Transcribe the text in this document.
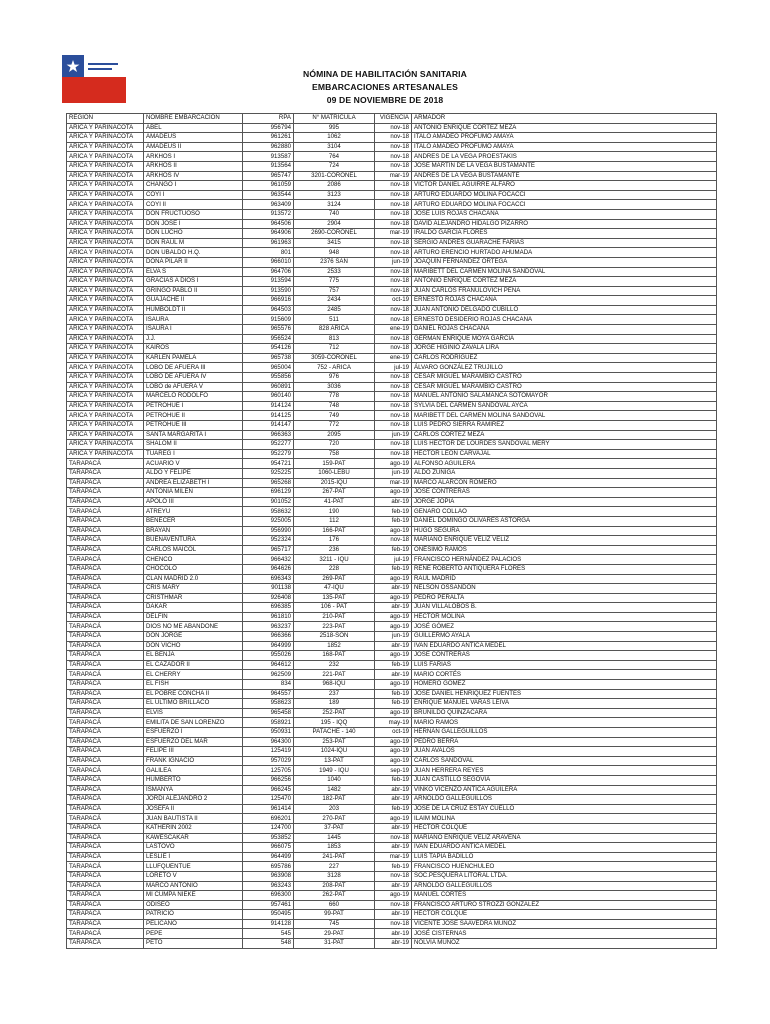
NÓMINA DE HABILITACIÓN SANITARIA
EMBARCACIONES ARTESANALES
09 DE NOVIEMBRE DE 2018
REGIÓN	NOMBRE EMBARCACIÓN	RPA	N° MATRÍCULA	VIGENCIA	ARMADOR
ARICA Y PARINACOTA	ABEL	956794	995	nov-18	ANTONIO ENRIQUE CÓRTEZ MEZA
ARICA Y PARINACOTA	AMADEUS	961261	1062	nov-18	ITALO AMADEO PROFUMO AMAYA
ARICA Y PARINACOTA	AMADEUS II	962880	3104	nov-18	ITALO AMADEO PROFUMO AMAYA
ARICA Y PARINACOTA	ARKHOS I	913587	764	nov-18	ANDRES DE LA VEGA PROESTAKIS
ARICA Y PARINACOTA	ARKHOS II	913564	724	nov-18	JOSE MARTIN DE LA VEGA BUSTAMANTE
ARICA Y PARINACOTA	ARKHOS IV	965747	3201-CORONEL	mar-19	ANDRES DE LA VEGA BUSTAMANTE
ARICA Y PARINACOTA	CHANGO I	961059	2086	nov-18	VICTOR DANIEL AGUIRRE ALFARO
ARICA Y PARINACOTA	COYI I	963544	3123	nov-18	ARTURO EDUARDO MOLINA FOCACCI
ARICA Y PARINACOTA	COYI II	963409	3124	nov-18	ARTURO EDUARDO MOLINA FOCACCI
ARICA Y PARINACOTA	DON FRUCTUOSO	913572	740	nov-18	JOSE LUIS ROJAS CHACANA
ARICA Y PARINACOTA	DON JOSE I	964506	2904	nov-18	DAVID ALEJANDRO HIDALGO PIZARRO
ARICA Y PARINACOTA	DON LUCHO	964906	2690-CORONEL	mar-19	IRALDO GARCIA FLORES
ARICA Y PARINACOTA	DON RAUL M	961963	3415	nov-18	SERGIO ANDRES GUARACHE FARIAS
ARICA Y PARINACOTA	DON UBALDO H.Q.	801	948	nov-18	ARTURO ERENCIO HURTADO AHUMADA
ARICA Y PARINACOTA	DOÑA PILAR II	966010	2376 SAN	jun-19	JOAQUÍN FERNÁNDEZ ORTEGA
ARICA Y PARINACOTA	ELVA S	964706	2533	nov-18	MARIBETT DEL CARMEN MOLINA SANDOVAL
ARICA Y PARINACOTA	GRACIAS A DIOS I	913594	775	nov-18	ANTONIO ENRIQUE CÓRTEZ MEZA
ARICA Y PARINACOTA	GRINGO PABLO II	913590	757	nov-18	JUAN CARLOS FRANULOVICH PEÑA
ARICA Y PARINACOTA	GUAJACHE II	966916	2434	oct-19	ERNESTO ROJAS CHACANA
ARICA Y PARINACOTA	HUMBOLDT II	964503	2485	nov-18	JUAN ANTONIO DELGADO CUBILLO
ARICA Y PARINACOTA	ISAURA	915609	511	nov-18	ERNESTO DESIDERIO ROJAS CHACANA
ARICA Y PARINACOTA	ISAURA I	965576	828 ARICA	ene-19	DANIEL ROJAS CHACANA
ARICA Y PARINACOTA	J.J.	956524	813	nov-18	GERMAN ENRIQUE MOYA GARCIA
ARICA Y PARINACOTA	KAIROS	954126	712	nov-18	JORGE HIGINIO ZAVALA LIRA
ARICA Y PARINACOTA	KARLEN PAMELA	965738	3059-CORONEL	ene-19	CARLOS RODRÍGUEZ
ARICA Y PARINACOTA	LOBO DE AFUERA III	965004	752 - ARICA	jul-19	ÁLVARO GONZÁLEZ TRUJILLO
ARICA Y PARINACOTA	LOBO DE AFUERA IV	955856	976	nov-18	CESAR MIGUEL MARAMBIO CASTRO
ARICA Y PARINACOTA	LOBO de AFUERA V	960891	3036	nov-18	CESAR MIGUEL MARAMBIO CASTRO
ARICA Y PARINACOTA	MARCELO RODOLFO	960140	778	nov-18	MANUEL ANTONIO SALAMANCA SOTOMAYOR
ARICA Y PARINACOTA	PETROHUE I	914124	748	nov-18	SYLVIA DEL CARMEN SANDOVAL AYCA
ARICA Y PARINACOTA	PETROHUE II	914125	749	nov-18	MARIBETT DEL CARMEN MOLINA SANDOVAL
ARICA Y PARINACOTA	PETROHUE III	914147	772	nov-18	LUIS PEDRO SIERRA RAMIREZ
ARICA Y PARINACOTA	SANTA MARGARITA I	966363	2095	jun-19	CARLOS CORTEZ MEZA
ARICA Y PARINACOTA	SHALOM II	952277	720	nov-18	LUIS HECTOR DE LOURDES SANDOVAL MERY
ARICA Y PARINACOTA	TUAREG I	952279	758	nov-18	HECTOR LEON CARVAJAL
TARAPACÁ	ACUARIO V	954721	159-PAT	ago-19	ALFONSO AGUILERA
TARAPACÁ	ALDO Y FELIPE	925225	1060-LEBU	jun-19	ALDO ZUÑIGA
TARAPACÁ	ANDREA ELIZABETH I	965268	2015-IQU	mar-19	MARCO ALARCON ROMERO
TARAPACÁ	ANTONIA MILEN	696129	267-PAT	ago-19	JOSE CONTRERAS
TARAPACÁ	APOLO III	901052	41-PAT	abr-19	JORGE JOPIA
TARAPACÁ	ATREYU	958632	190	feb-19	GENARO COLLAO
TARAPACÁ	BENECER	925005	112	feb-19	DANIEL DOMINGO OLIVARES ASTORGA
TARAPACÁ	BRAYAN	956990	166-PAT	ago-19	HUGO SEGURA
TARAPACÁ	BUENAVENTURA	952324	176	nov-18	MARIANO ENRIQUE VELIZ VELIZ
TARAPACÁ	CARLOS MAICOL	965717	236	feb-19	ONÉSIMO RAMOS
TARAPACÁ	CHENCO	966432	3211 - IQU	jul-19	FRANCISCO HERNÁNDEZ PALACIOS
TARAPACÁ	CHOCOLO	964626	228	feb-19	RENE ROBERTO ANTIQUERA FLORES
TARAPACÁ	CLAN MADRID 2.0	696343	269-PAT	ago-19	RAÚL MADRID
TARAPACÁ	CRIS MARY	901138	47-IQU	abr-19	NELSON OSSANDÓN
TARAPACÁ	CRISTHMAR	926408	135-PAT	ago-19	PEDRO PERALTA
TARAPACÁ	DAKAR	696385	106 - PAT	abr-19	JUAN VILLALOBOS B.
TARAPACÁ	DELFIN	961810	210-PAT	ago-19	HECTOR MOLINA
TARAPACÁ	DIOS NO ME ABANDONE	963237	223-PAT	ago-19	JOSÉ GÓMEZ
TARAPACÁ	DON JORGE	966366	2518-SON	jun-19	GUILLERMO AYALA
TARAPACÁ	DON VICHO	964999	1852	abr-19	IVAN EDUARDO ANTICA MEDEL
TARAPACÁ	EL BENJA	955026	168-PAT	ago-19	JOSE CONTRERAS
TARAPACÁ	EL CAZADOR II	964612	232	feb-19	LUIS FARIAS
TARAPACÁ	EL CHERRY	962509	221-PAT	abr-19	MARIO CORTÉS
TARAPACÁ	EL FISH	834	968-IQU	ago-19	HOMERO GÓMEZ
TARAPACÁ	EL POBRE CONCHA II	964557	237	feb-19	JOSÉ DANIEL HENRIQUEZ FUENTES
TARAPACÁ	EL ULTIMO BRILLACO	958623	189	feb-19	ENRIQUE MANUEL VARAS LEIVA
TARAPACÁ	ELVIS	965458	252-PAT	ago-19	BRUNILDO QUINZACARA
TARAPACÁ	EMILITA DE SAN LORENZO	958921	195 - IQQ	may-19	MARIO RAMOS
TARAPACÁ	ESFUERZO I	950931	PATACHE - 140	oct-19	HERNÁN GALLEGUILLOS
TARAPACÁ	ESFUERZO DEL MAR	964300	253-PAT	ago-19	PEDRO BERRA
TARAPACÁ	FELIPE III	125419	1024-IQU	ago-19	JUAN AVALOS
TARAPACÁ	FRANK IGNACIO	957029	13-PAT	ago-19	CARLOS SANDOVAL
TARAPACÁ	GALILEA	125705	1949 - IQU	sep-19	JUAN HERRERA REYES
TARAPACÁ	HUMBERTO	966256	1040	feb-19	JUAN CASTILLO SEGOVIA
TARAPACÁ	ISMANYA	966245	1482	abr-19	VINKO VICENZO ANTICA AGUILERA
TARAPACÁ	JORDI ALEJANDRO 2	125470	182-PAT	abr-19	ARNOLDO GALLEGUILLOS
TARAPACÁ	JOSEFA II	961414	203	feb-19	JOSE DE LA CRUZ ESTAY CUELLO
TARAPACÁ	JUAN BAUTISTA II	696201	270-PAT	ago-19	ILAIM MOLINA
TARAPACÁ	KATHERIN 2002	124700	37-PAT	abr-19	HÉCTOR COLQUE
TARAPACÁ	KAWESCAKAR	953852	1445	nov-18	MARIANO ENRIQUE VELIZ ARAVENA
TARAPACÁ	LASTOVO	966075	1853	abr-19	IVAN EDUARDO ANTICA MEDEL
TARAPACÁ	LESLIE I	964499	241-PAT	mar-19	LUIS TAPIA BADILLO
TARAPACÁ	LLUFQUENTUE	695786	227	feb-19	FRANCISCO HUENCHULEO
TARAPACÁ	LORETO V	963908	3128	nov-18	SOC.PESQUERA LITORAL LTDA.
TARAPACÁ	MARCO ANTONIO	963243	208-PAT	abr-19	ARNOLDO GALLEGUILLOS
TARAPACÁ	MI CUMPA NIEKE	696300	262-PAT	ago-19	MANUEL CORTÉS
TARAPACÁ	ODISEO	957461	660	nov-18	FRANCISCO ARTURO STROZZI GONZALEZ
TARAPACÁ	PATRICIO	950495	99-PAT	abr-19	HÉCTOR COLQUE
TARAPACÁ	PELICANO	914128	745	nov-18	VICENTE JOSE SAAVEDRA MUÑOZ
TARAPACÁ	PEPE	545	29-PAT	abr-19	JOSÉ CISTERNAS
TARAPACÁ	PETO	548	31-PAT	abr-19	NOLVIA MUÑOZ
